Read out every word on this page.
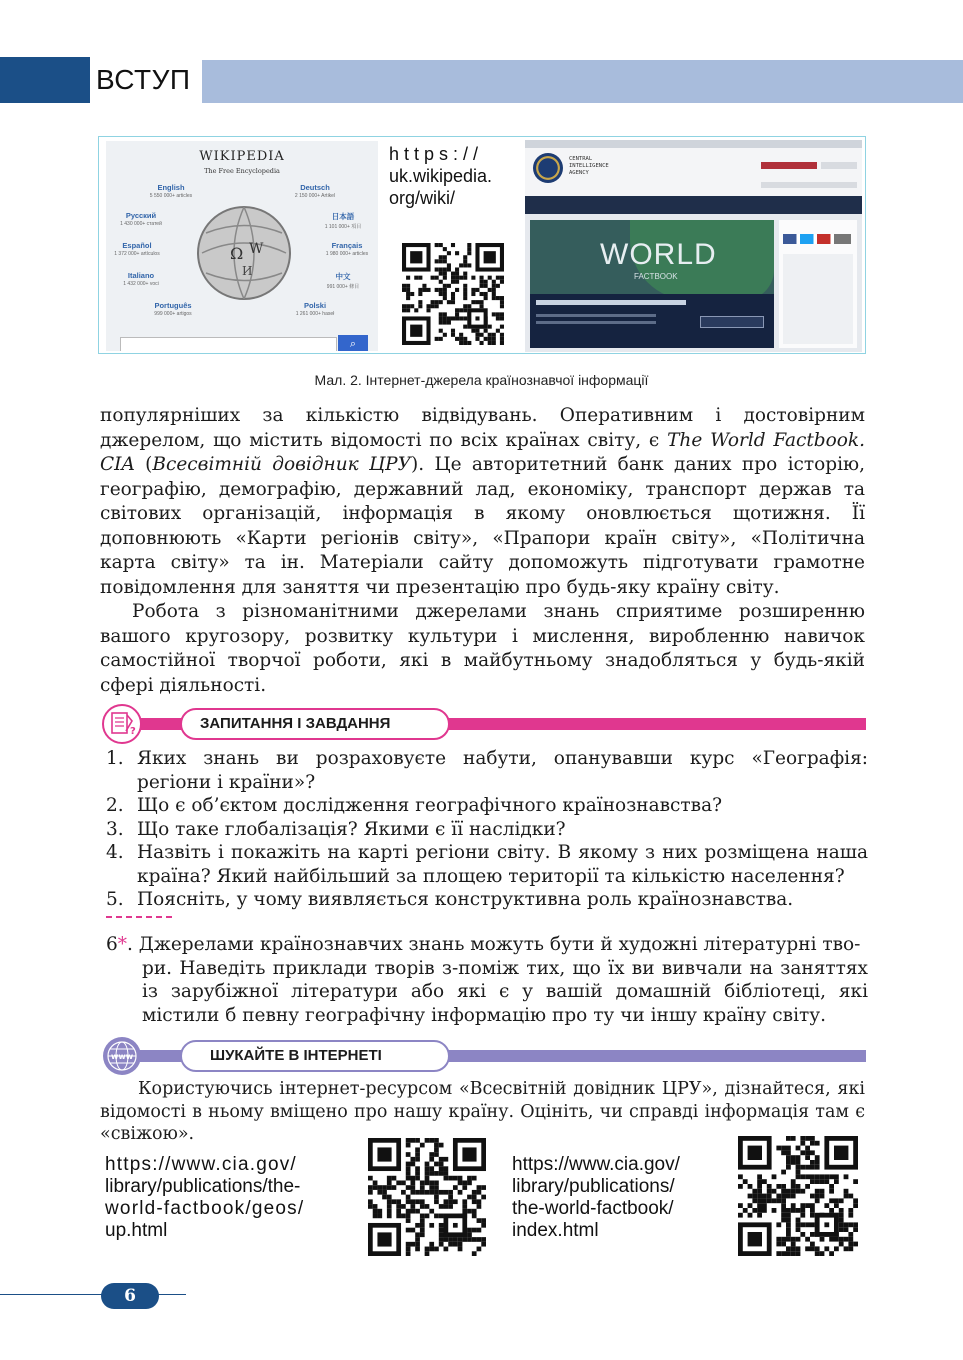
ВСТУП
WIKIPEDIA
The Free Encyclopedia
Ω W
И
English
5 550 000+ articles
Deutsch
2 150 000+ Artikel
Русский
1 430 000+ статей
日本語
1 101 000+ 項目
Español
1 372 000+ artículos
Français
1 980 000+ articles
Italiano
1 432 000+ voci
中文
991 000+ 條目
Português
999 000+ artigos
Polski
1 261 000+ haseł
⌕
https://
uk.wikipedia.
org/wiki/
CENTRAL
INTELLIGENCE
AGENCY
WORLD
FACTBOOK
Мал. 2. Інтернет-джерела країнознавчої інформації
популярніших за кількістю відвідувань. Оперативним і достовірним джерелом, що містить відомості по всіх країнах світу, є The World Factbook. CIA (Всесвітній довідник ЦРУ). Це авторитетний банк даних про історію, географію, демографію, державний лад, економіку, транспорт держав та світових організацій, інформація в якому оновлюється щотижня. Її доповнюють «Карти регіонів світу», «Прапори країн світу», «Політична карта світу» та ін. Матеріали сайту допоможуть підготувати грамотне повідомлення для заняття чи презентацію про будь-яку країну світу.
Робота з різноманітними джерелами знань сприятиме розширенню вашого кругозору, розвитку культури і мислення, виробленню навичок самостійної творчої роботи, які в майбутньому знадобляться у будь-якій сфері діяльності.
?	ЗАПИТАННЯ І ЗАВДАННЯ
1. Яких знань ви розраховуєте набути, опанувавши курс «Географія: регіони і країни»?
2. Що є об’єктом дослідження географічного країнознавства?
3. Що таке глобалізація? Якими є її наслідки?
4. Назвіть і покажіть на карті регіони світу. В якому з них розміщена наша країна? Який найбільший за площею території та кількістю населення?
5. Поясніть, у чому виявляється конструктивна роль країнознавства.
6*. Джерелами країнознавчих знань можуть бути й художні літературні тво-
ри. Наведіть приклади творів з-поміж тих, що їх ви вивчали на заняттях із зарубіжної літератури або які є у вашій домашній бібліотеці, які містили б певну географічну інформацію про ту чи іншу країну світу.
www	ШУКАЙТЕ В ІНТЕРНЕТІ
Користуючись інтернет-ресурсом «Всесвітній довідник ЦРУ», дізнайтеся, які відомості в ньому вміщено про нашу країну. Оцініть, чи справді інформація там є «свіжою».
https://www.cia.gov/
library/publications/the-
world-factbook/geos/
up.html
https://www.cia.gov/
library/publications/
the-world-factbook/
index.html
6
